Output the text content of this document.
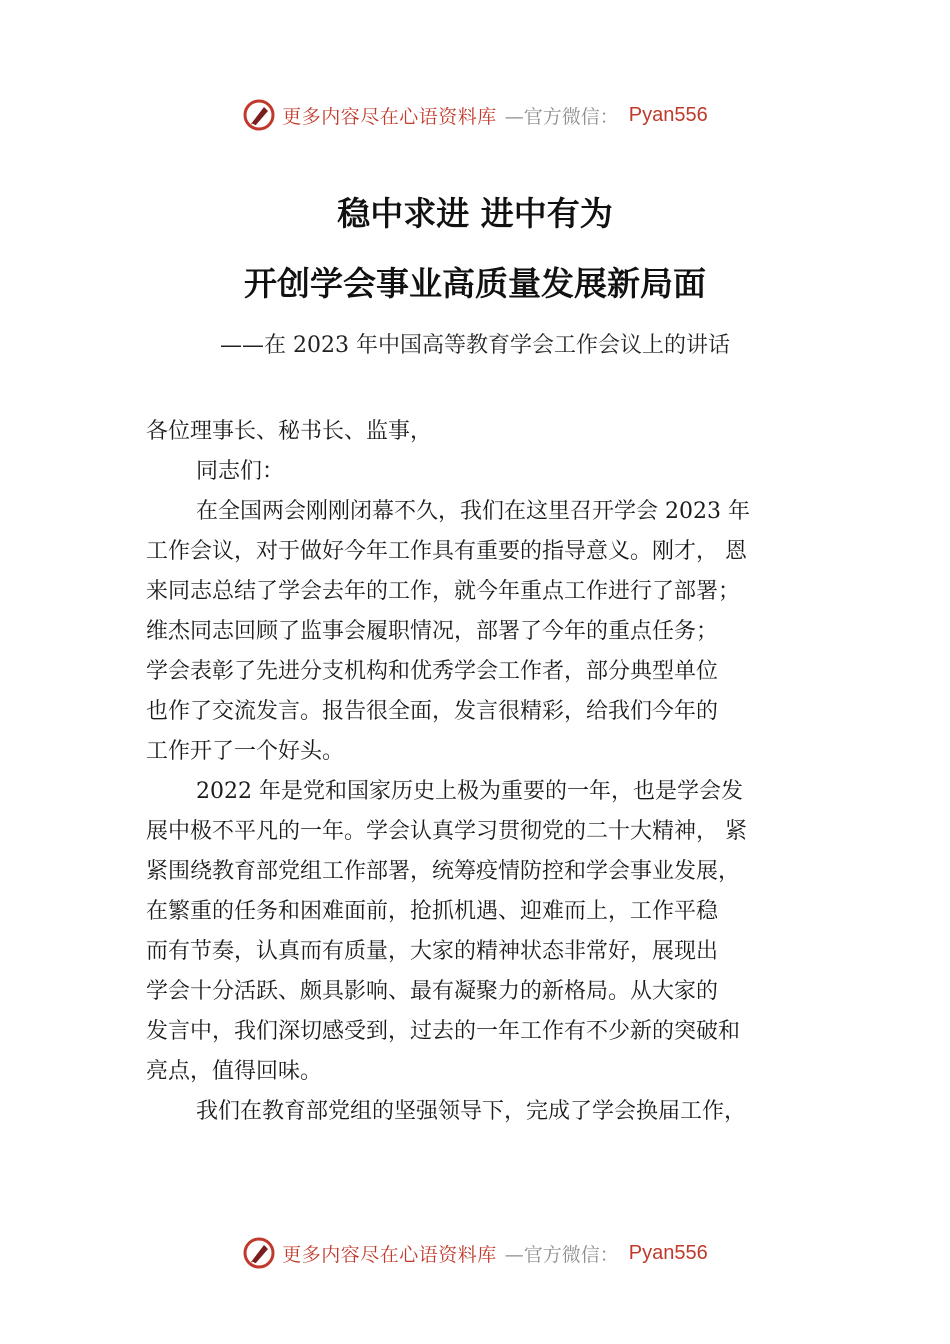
更多内容尽在心语资料库 —官方微信： Pyan556
稳中求进 进中有为
开创学会事业高质量发展新局面
——在 2023 年中国高等教育学会工作会议上的讲话
各位理事长、秘书长、监事，
同志们：
在全国两会刚刚闭幕不久，我们在这里召开学会 2023 年
工作会议，对于做好今年工作具有重要的指导意义。刚才， 恩
来同志总结了学会去年的工作，就今年重点工作进行了部署；
维杰同志回顾了监事会履职情况，部署了今年的重点任务；
学会表彰了先进分支机构和优秀学会工作者，部分典型单位
也作了交流发言。报告很全面，发言很精彩，给我们今年的
工作开了一个好头。
2022 年是党和国家历史上极为重要的一年，也是学会发
展中极不平凡的一年。学会认真学习贯彻党的二十大精神， 紧
紧围绕教育部党组工作部署，统筹疫情防控和学会事业发展，
在繁重的任务和困难面前，抢抓机遇、迎难而上，工作平稳
而有节奏，认真而有质量，大家的精神状态非常好，展现出
学会十分活跃、颇具影响、最有凝聚力的新格局。从大家的
发言中，我们深切感受到，过去的一年工作有不少新的突破和
亮点，值得回味。
我们在教育部党组的坚强领导下，完成了学会换届工作，
更多内容尽在心语资料库 —官方微信： Pyan556
